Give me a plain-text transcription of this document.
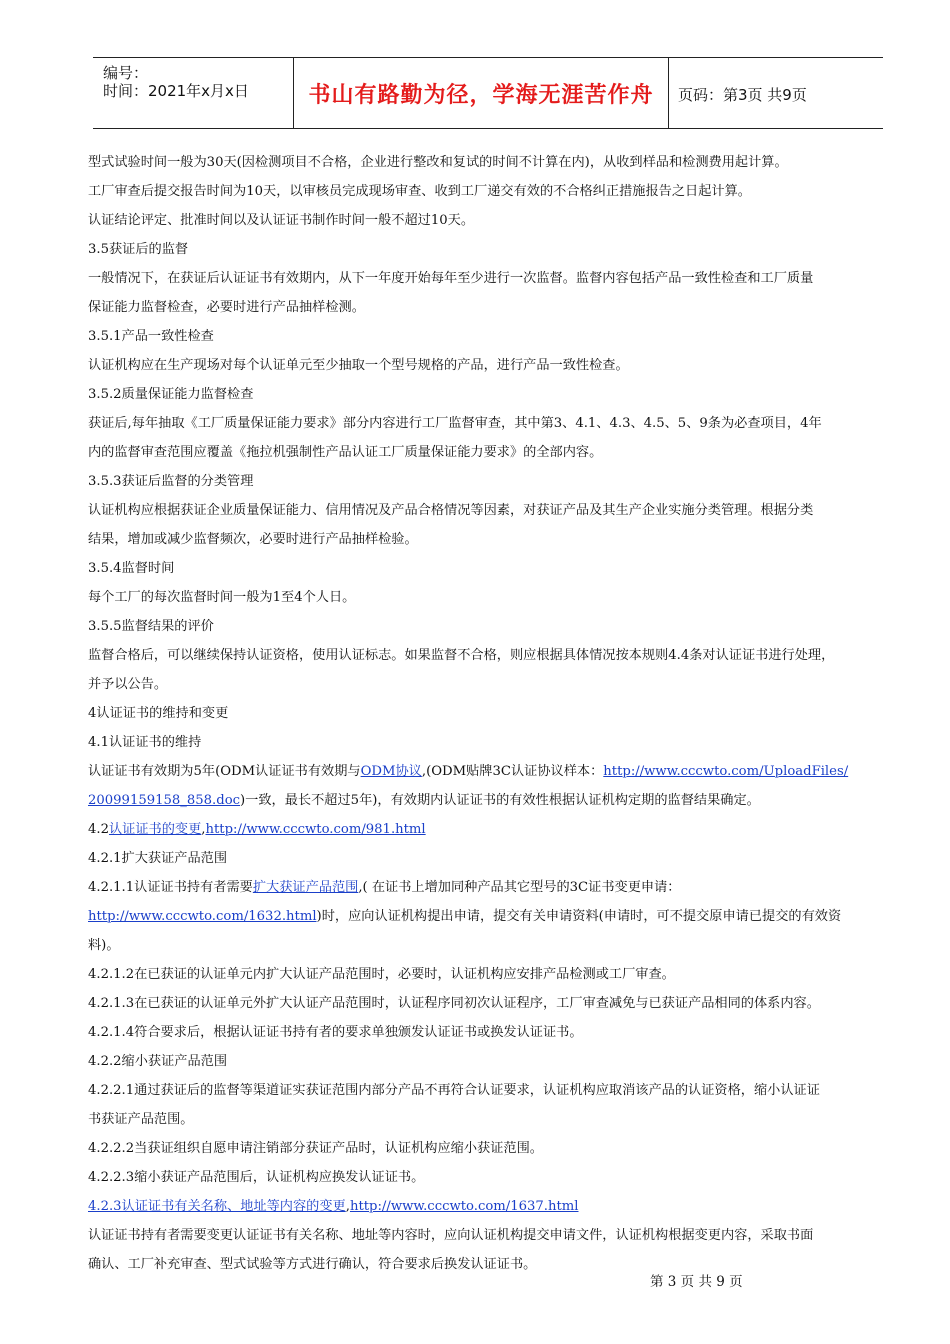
编号：
时间：2021年x月x日	书山有路勤为径，学海无涯苦作舟	页码：第3页 共9页
型式试验时间一般为30天(因检测项目不合格，企业进行整改和复试的时间不计算在内)，从收到样品和检测费用起计算。
工厂审查后提交报告时间为10天，以审核员完成现场审查、收到工厂递交有效的不合格纠正措施报告之日起计算。
认证结论评定、批准时间以及认证证书制作时间一般不超过10天。
3.5获证后的监督
一般情况下，在获证后认证证书有效期内，从下一年度开始每年至少进行一次监督。监督内容包括产品一致性检查和工厂质量
保证能力监督检查，必要时进行产品抽样检测。
3.5.1产品一致性检查
认证机构应在生产现场对每个认证单元至少抽取一个型号规格的产品，进行产品一致性检查。
3.5.2质量保证能力监督检查
获证后,每年抽取《工厂质量保证能力要求》部分内容进行工厂监督审查，其中第3、4.1、4.3、4.5、5、9条为必查项目，4年
内的监督审查范围应覆盖《拖拉机强制性产品认证工厂质量保证能力要求》的全部内容。
3.5.3获证后监督的分类管理
认证机构应根据获证企业质量保证能力、信用情况及产品合格情况等因素，对获证产品及其生产企业实施分类管理。根据分类
结果，增加或减少监督频次，必要时进行产品抽样检验。
3.5.4监督时间
每个工厂的每次监督时间一般为1至4个人日。
3.5.5监督结果的评价
监督合格后，可以继续保持认证资格，使用认证标志。如果监督不合格，则应根据具体情况按本规则4.4条对认证证书进行处理，
并予以公告。
4认证证书的维持和变更
4.1认证证书的维持
认证证书有效期为5年(ODM认证证书有效期与ODM协议,(ODM贴牌3C认证协议样本：http://www.cccwto.com/UploadFiles/
20099159158_858.doc)一致，最长不超过5年)，有效期内认证证书的有效性根据认证机构定期的监督结果确定。
4.2认证证书的变更,http://www.cccwto.com/981.html
4.2.1扩大获证产品范围
4.2.1.1认证证书持有者需要扩大获证产品范围,( 在证书上增加同种产品其它型号的3C证书变更申请：
http://www.cccwto.com/1632.html)时，应向认证机构提出申请，提交有关申请资料(申请时，可不提交原申请已提交的有效资
料)。
4.2.1.2在已获证的认证单元内扩大认证产品范围时，必要时，认证机构应安排产品检测或工厂审查。
4.2.1.3在已获证的认证单元外扩大认证产品范围时，认证程序同初次认证程序，工厂审查减免与已获证产品相同的体系内容。
4.2.1.4符合要求后，根据认证证书持有者的要求单独颁发认证证书或换发认证证书。
4.2.2缩小获证产品范围
4.2.2.1通过获证后的监督等渠道证实获证范围内部分产品不再符合认证要求，认证机构应取消该产品的认证资格，缩小认证证
书获证产品范围。
4.2.2.2当获证组织自愿申请注销部分获证产品时，认证机构应缩小获证范围。
4.2.2.3缩小获证产品范围后，认证机构应换发认证证书。
4.2.3认证证书有关名称、地址等内容的变更,http://www.cccwto.com/1637.html
认证证书持有者需要变更认证证书有关名称、地址等内容时，应向认证机构提交申请文件，认证机构根据变更内容，采取书面
确认、工厂补充审查、型式试验等方式进行确认，符合要求后换发认证证书。
第 3 页 共 9 页
